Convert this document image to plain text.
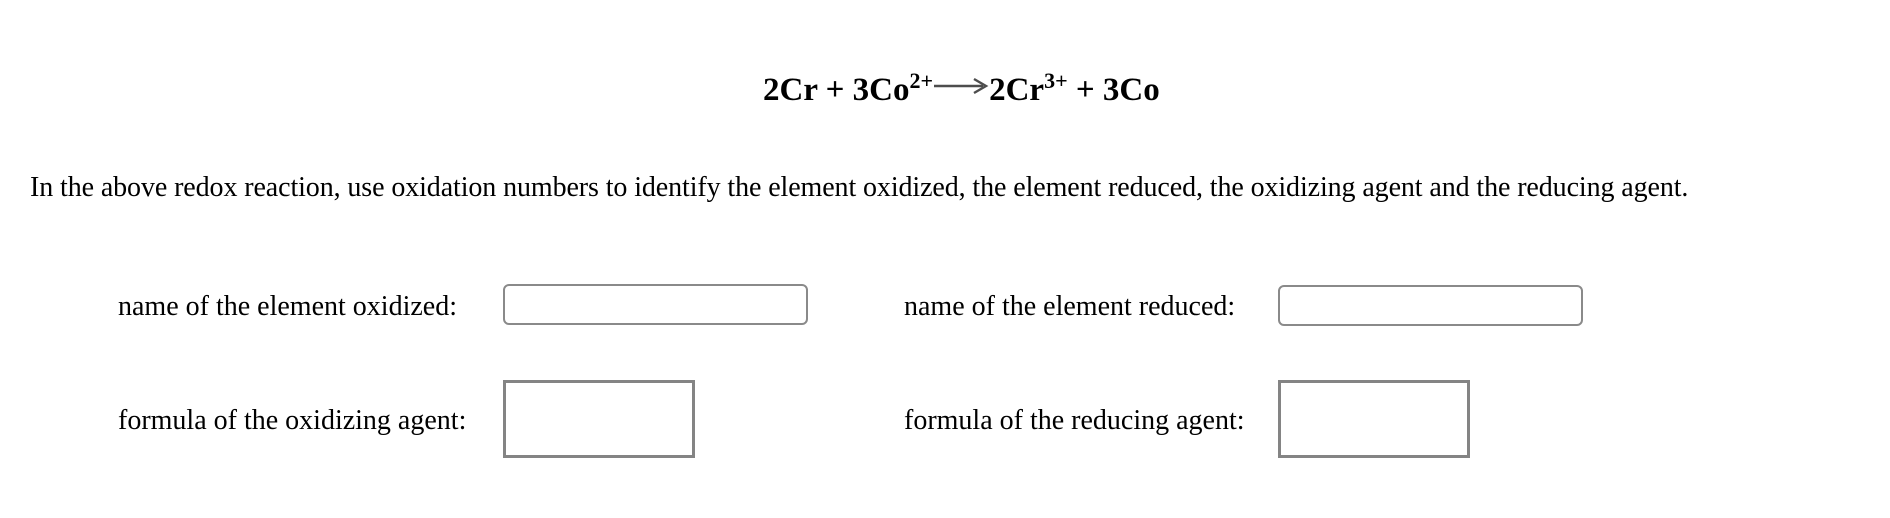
$2Cr + 3Co^{2+}\to 2Cr^{3+} + 3Co$
In the above redox reaction, use oxidation numbers to identify the element oxidized, the element reduced, the oxidizing agent and the reducing agent.
name of the element oxidized:	name of the element reduced:
formula of the oxidizing agent:	formula of the reducing agent:
